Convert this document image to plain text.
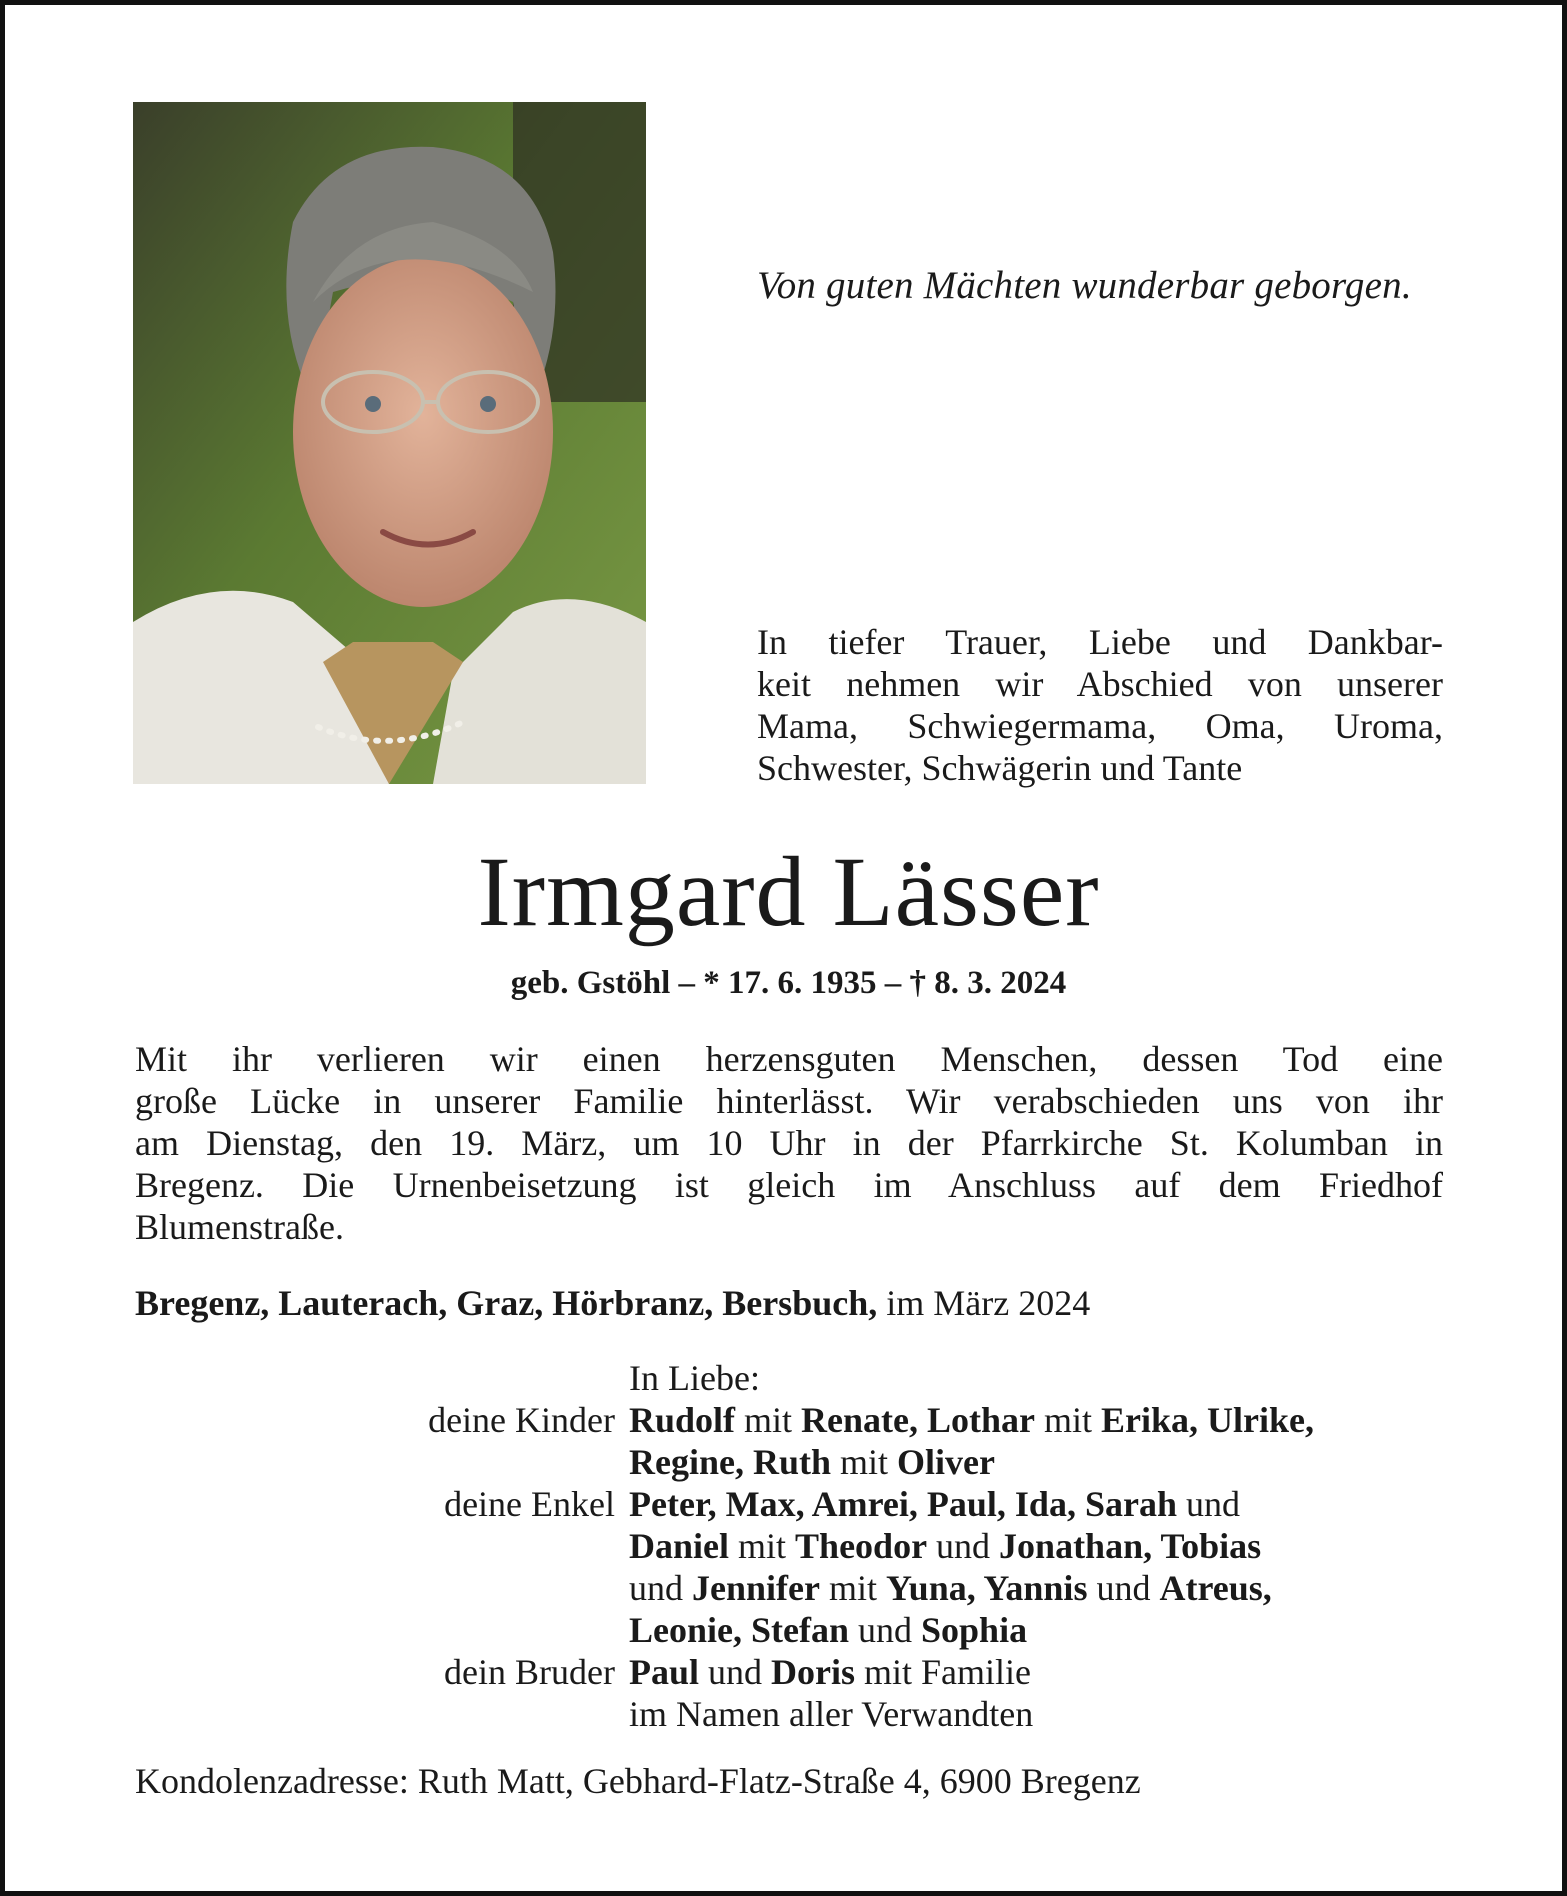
Von guten Mächten wunderbar geborgen.
In tiefer Trauer, Liebe und Dankbar-
keit nehmen wir Abschied von unserer
Mama, Schwiegermama, Oma, Uroma,
Schwester, Schwägerin und Tante
Irmgard Lässer
geb. Gstöhl – * 17. 6. 1935 – † 8. 3. 2024
Mit ihr verlieren wir einen herzensguten Menschen, dessen Tod eine
große Lücke in unserer Familie hinterlässt. Wir verabschieden uns von ihr
am Dienstag, den 19. März, um 10 Uhr in der Pfarrkirche St. Kolumban in
Bregenz. Die Urnenbeisetzung ist gleich im Anschluss auf dem Friedhof
Blumenstraße.
Bregenz, Lauterach, Graz, Hörbranz, Bersbuch, im März 2024
In Liebe:
deine Kinder Rudolf mit Renate, Lothar mit Erika, Ulrike,
Regine, Ruth mit Oliver
deine Enkel Peter, Max, Amrei, Paul, Ida, Sarah und
Daniel mit Theodor und Jonathan, Tobias
und Jennifer mit Yuna, Yannis und Atreus,
Leonie, Stefan und Sophia
dein Bruder Paul und Doris mit Familie
im Namen aller Verwandten
Kondolenzadresse: Ruth Matt, Gebhard-Flatz-Straße 4, 6900 Bregenz
